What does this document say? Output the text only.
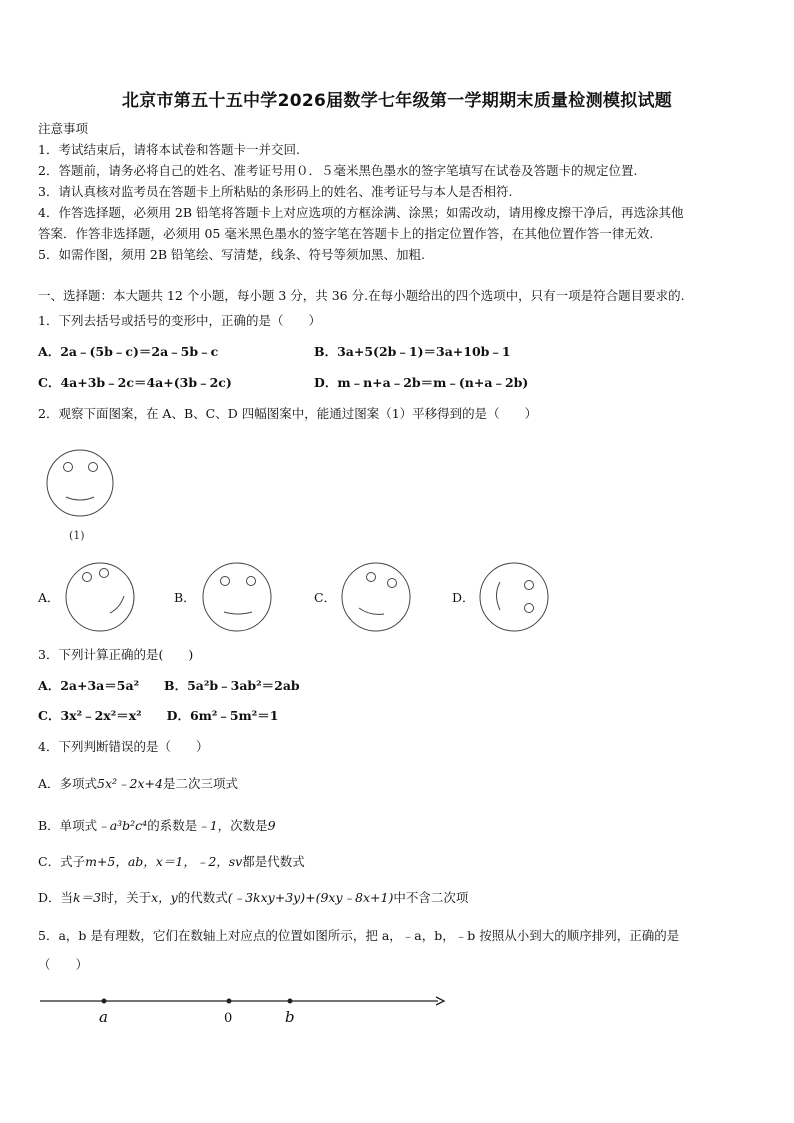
北京市第五十五中学2026届数学七年级第一学期期末质量检测模拟试题
注意事项
1．考试结束后，请将本试卷和答题卡一并交回.
2．答题前，请务必将自己的姓名、准考证号用０．５毫米黑色墨水的签字笔填写在试卷及答题卡的规定位置.
3．请认真核对监考员在答题卡上所粘贴的条形码上的姓名、准考证号与本人是否相符.
4．作答选择题，必须用 2B 铅笔将答题卡上对应选项的方框涂满、涂黑；如需改动，请用橡皮擦干净后，再选涂其他
答案．作答非选择题，必须用 05 毫米黑色墨水的签字笔在答题卡上的指定位置作答，在其他位置作答一律无效.
5．如需作图，须用 2B 铅笔绘、写清楚，线条、符号等须加黑、加粗.
一、选择题：本大题共 12 个小题，每小题 3 分，共 36 分.在每小题给出的四个选项中，只有一项是符合题目要求的.
1．下列去括号或括号的变形中，正确的是（　　）
A．2a﹣(5b﹣c)＝2a﹣5b﹣c	B．3a+5(2b﹣1)＝3a+10b﹣1
C．4a+3b﹣2c＝4a+(3b﹣2c)	D．m﹣n+a﹣2b＝m﹣(n+a﹣2b)
2．观察下面图案，在 A、B、C、D 四幅图案中，能通过图案（1）平移得到的是（　　）
(1)
A．	B．	C．	D．
3．下列计算正确的是(　　)
A．2a+3a＝5a²　　B．5a²b﹣3ab²＝2ab
C．3x²﹣2x²＝x²　　D．6m²﹣5m²＝1
4．下列判断错误的是（　　）
A．多项式5x²﹣2x+4是二次三项式
B．单项式﹣a³b²c⁴的系数是﹣1，次数是9
C．式子m+5，ab，x＝1，﹣2，sv都是代数式
D．当k＝3时，关于x，y的代数式(﹣3kxy+3y)+(9xy﹣8x+1)中不含二次项
5．a，b 是有理数，它们在数轴上对应点的位置如图所示，把 a，﹣a，b，﹣b 按照从小到大的顺序排列，正确的是
（　　）
a	0	b
